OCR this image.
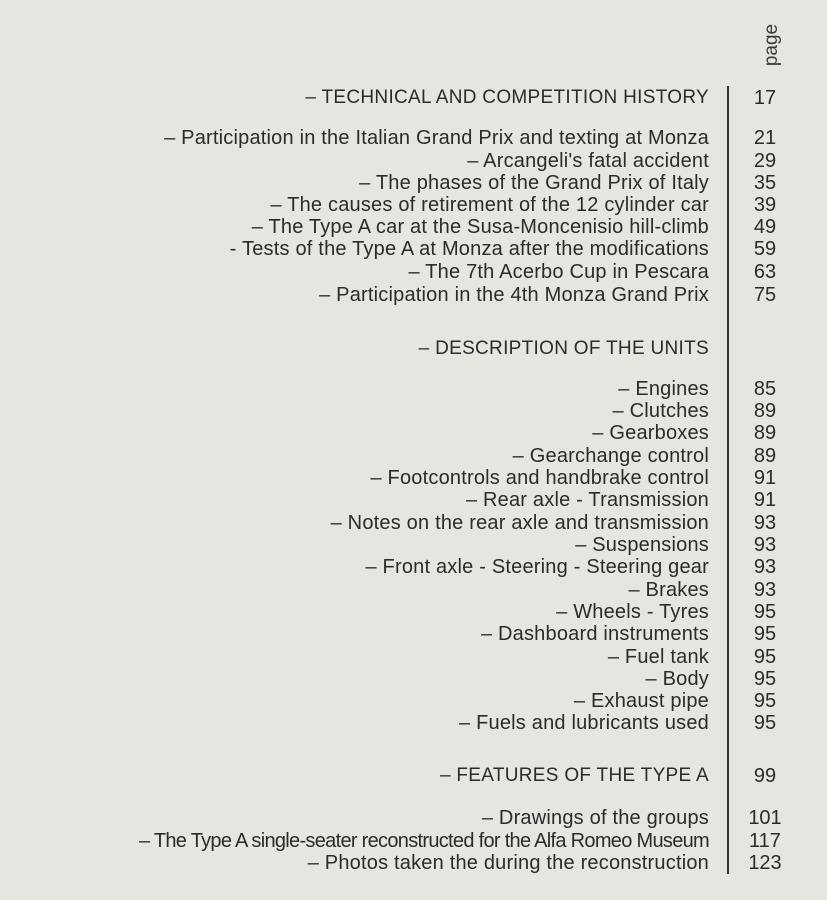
page
– TECHNICAL AND COMPETITION HISTORY	17
– Participation in the Italian Grand Prix and texting at Monza	21
– Arcangeli's fatal accident	29
– The phases of the Grand Prix of Italy	35
– The causes of retirement of the 12 cylinder car	39
– The Type A car at the Susa-Moncenisio hill-climb	49
- Tests of the Type A at Monza after the modifications	59
– The 7th Acerbo Cup in Pescara	63
– Participation in the 4th Monza Grand Prix	75
– DESCRIPTION OF THE UNITS
– Engines	85
– Clutches	89
– Gearboxes	89
– Gearchange control	89
– Footcontrols and handbrake control	91
– Rear axle - Transmission	91
– Notes on the rear axle and transmission	93
– Suspensions	93
– Front axle - Steering - Steering gear	93
– Brakes	93
– Wheels - Tyres	95
– Dashboard instruments	95
– Fuel tank	95
– Body	95
– Exhaust pipe	95
– Fuels and lubricants used	95
– FEATURES OF THE TYPE A	99
– Drawings of the groups	101
– The Type A single-seater reconstructed for the Alfa Romeo Museum	117
– Photos taken the during the reconstruction	123
